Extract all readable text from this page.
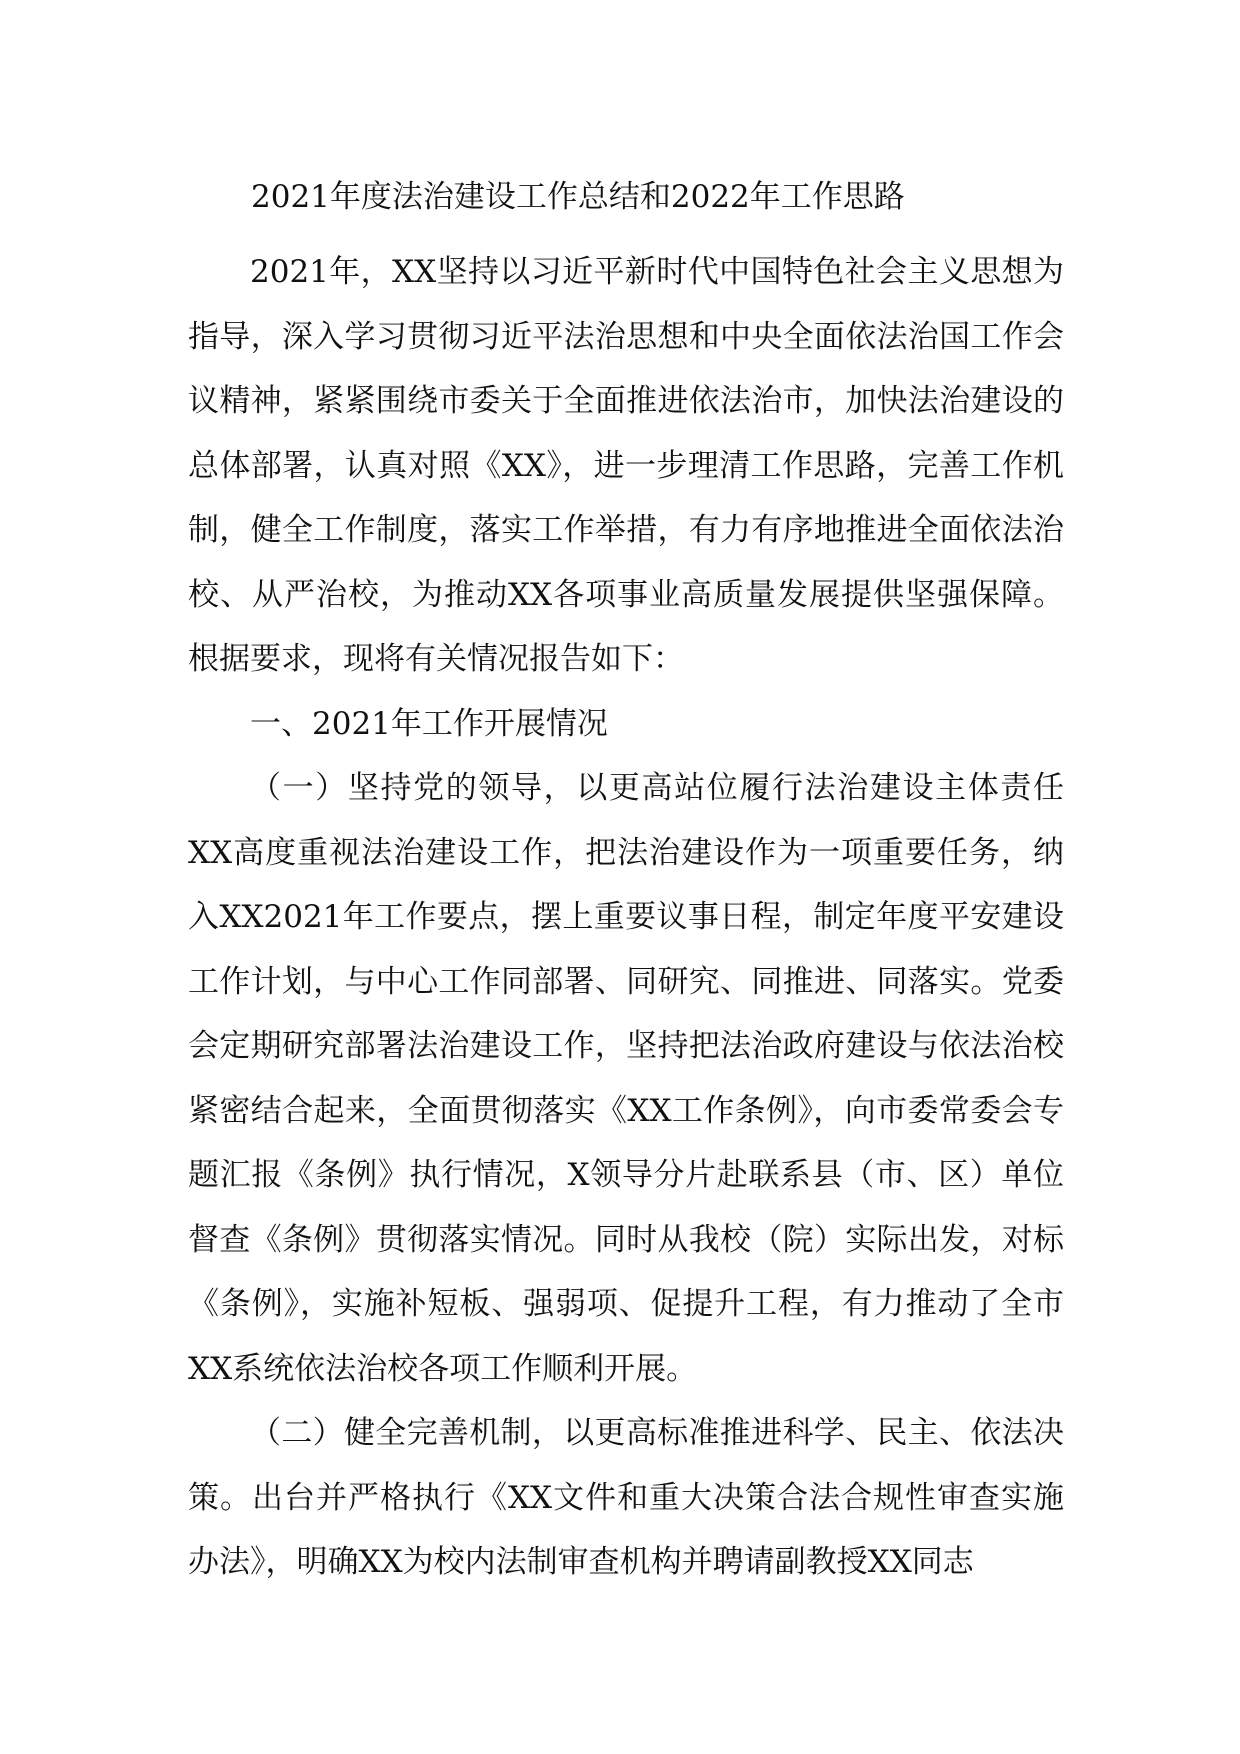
2021年度法治建设工作总结和2022年工作思路

2021年，XX坚持以习近平新时代中国特色社会主义思想为指导，深入学习贯彻习近平法治思想和中央全面依法治国工作会议精神，紧紧围绕市委关于全面推进依法治市，加快法治建设的总体部署，认真对照《XX》，进一步理清工作思路，完善工作机制，健全工作制度，落实工作举措，有力有序地推进全面依法治校、从严治校，为推动XX各项事业高质量发展提供坚强保障。根据要求，现将有关情况报告如下：

一、2021年工作开展情况

（一）坚持党的领导，以更高站位履行法治建设主体责任XX高度重视法治建设工作，把法治建设作为一项重要任务，纳入XX2021年工作要点，摆上重要议事日程，制定年度平安建设工作计划，与中心工作同部署、同研究、同推进、同落实。党委会定期研究部署法治建设工作，坚持把法治政府建设与依法治校紧密结合起来，全面贯彻落实《XX工作条例》，向市委常委会专题汇报《条例》执行情况，X领导分片赴联系县（市、区）单位督查《条例》贯彻落实情况。同时从我校（院）实际出发，对标《条例》，实施补短板、强弱项、促提升工程，有力推动了全市XX系统依法治校各项工作顺利开展。

（二）健全完善机制，以更高标准推进科学、民主、依法决策。出台并严格执行《XX文件和重大决策合法合规性审查实施办法》，明确XX为校内法制审查机构并聘请副教授XX同志
